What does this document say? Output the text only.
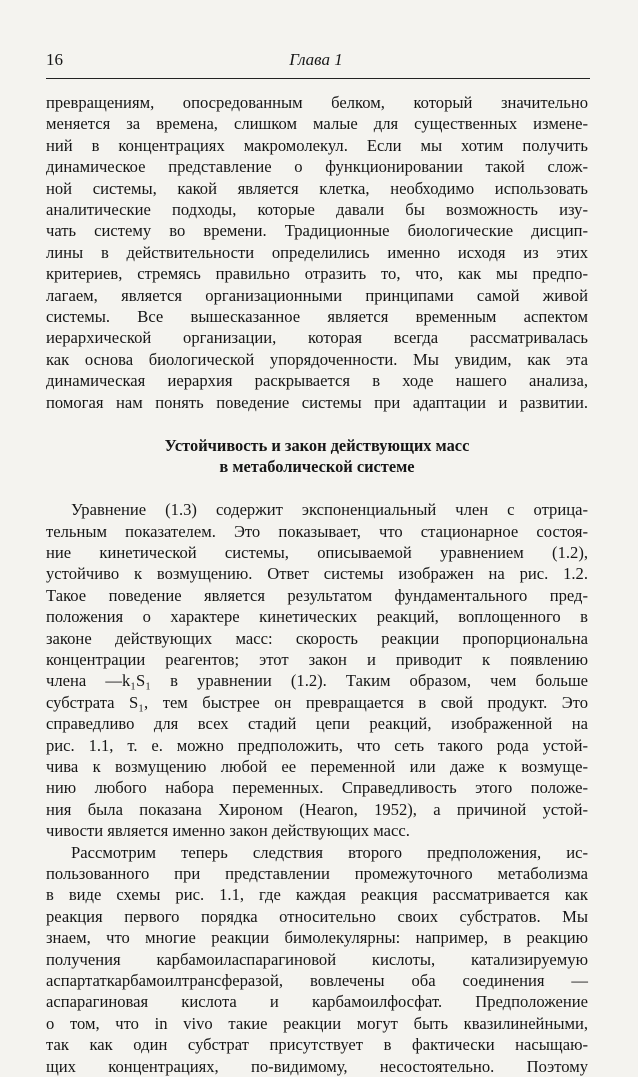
16	Глава 1
превращениям, опосредованным белком, который значительно
меняется за времена, слишком малые для существенных измене-
ний в концентрациях макромолекул. Если мы хотим получить
динамическое представление о функционировании такой слож-
ной системы, какой является клетка, необходимо использовать
аналитические подходы, которые давали бы возможность изу-
чать систему во времени. Традиционные биологические дисцип-
лины в действительности определились именно исходя из этих
критериев, стремясь правильно отразить то, что, как мы предпо-
лагаем, является организационными принципами самой живой
системы. Все вышесказанное является временным аспектом
иерархической организации, которая всегда рассматривалась
как основа биологической упорядоченности. Мы увидим, как эта
динамическая иерархия раскрывается в ходе нашего анализа,
помогая нам понять поведение системы при адаптации и развитии.
Устойчивость и закон действующих масс
в метаболической системе
Уравнение (1.3) содержит экспоненциальный член с отрица-
тельным показателем. Это показывает, что стационарное состоя-
ние кинетической системы, описываемой уравнением (1.2),
устойчиво к возмущению. Ответ системы изображен на рис. 1.2.
Такое поведение является результатом фундаментального пред-
положения о характере кинетических реакций, воплощенного в
законе действующих масс: скорость реакции пропорциональна
концентрации реагентов; этот закон и приводит к появлению
члена —k₁S₁ в уравнении (1.2). Таким образом, чем больше
субстрата S₁, тем быстрее он превращается в свой продукт. Это
справедливо для всех стадий цепи реакций, изображенной на
рис. 1.1, т. е. можно предположить, что сеть такого рода устой-
чива к возмущению любой ее переменной или даже к возмуще-
нию любого набора переменных. Справедливость этого положе-
ния была показана Хироном (Hearon, 1952), а причиной устой-
чивости является именно закон действующих масс.
Рассмотрим теперь следствия второго предположения, ис-
пользованного при представлении промежуточного метаболизма
в виде схемы рис. 1.1, где каждая реакция рассматривается как
реакция первого порядка относительно своих субстратов. Мы
знаем, что многие реакции бимолекулярны: например, в реакцию
получения карбамоиласпарагиновой кислоты, катализируемую
аспартаткарбамоилтрансферазой, вовлечены оба соединения —
аспарагиновая кислота и карбамоилфосфат. Предположение
о том, что in vivo такие реакции могут быть квазилинейными,
так как один субстрат присутствует в фактически насыщаю-
щих концентрациях, по-видимому, несостоятельно. Поэтому
